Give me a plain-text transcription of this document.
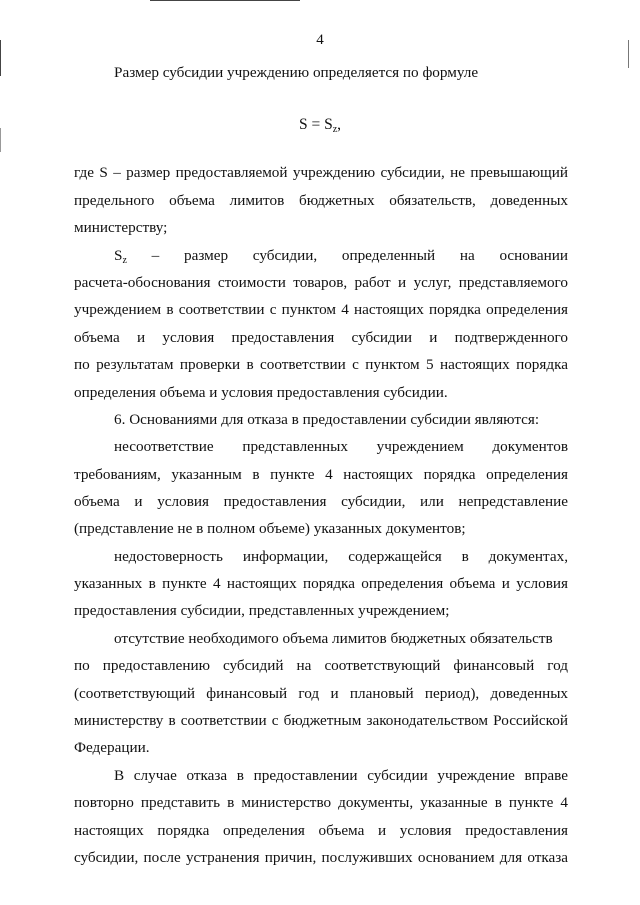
4
Размер субсидии учреждению определяется по формуле
$S = S_z$,
где S – размер предоставляемой учреждению субсидии, не превышающий
предельного объема лимитов бюджетных обязательств, доведенных
министерству;
$S_z$ – размер субсидии, определенный на основании
расчета-обоснования стоимости товаров, работ и услуг, представляемого
учреждением в соответствии с пунктом 4 настоящих порядка определения
объема и условия предоставления субсидии и подтвержденного
по результатам проверки в соответствии с пунктом 5 настоящих порядка
определения объема и условия предоставления субсидии.
6. Основаниями для отказа в предоставлении субсидии являются:
несоответствие представленных учреждением документов
требованиям, указанным в пункте 4 настоящих порядка определения
объема и условия предоставления субсидии, или непредставление
(представление не в полном объеме) указанных документов;
недостоверность информации, содержащейся в документах,
указанных в пункте 4 настоящих порядка определения объема и условия
предоставления субсидии, представленных учреждением;
отсутствие необходимого объема лимитов бюджетных обязательств
по предоставлению субсидий на соответствующий финансовый год
(соответствующий финансовый год и плановый период), доведенных
министерству в соответствии с бюджетным законодательством Российской
Федерации.
В случае отказа в предоставлении субсидии учреждение вправе
повторно представить в министерство документы, указанные в пункте 4
настоящих порядка определения объема и условия предоставления
субсидии, после устранения причин, послуживших основанием для отказа
